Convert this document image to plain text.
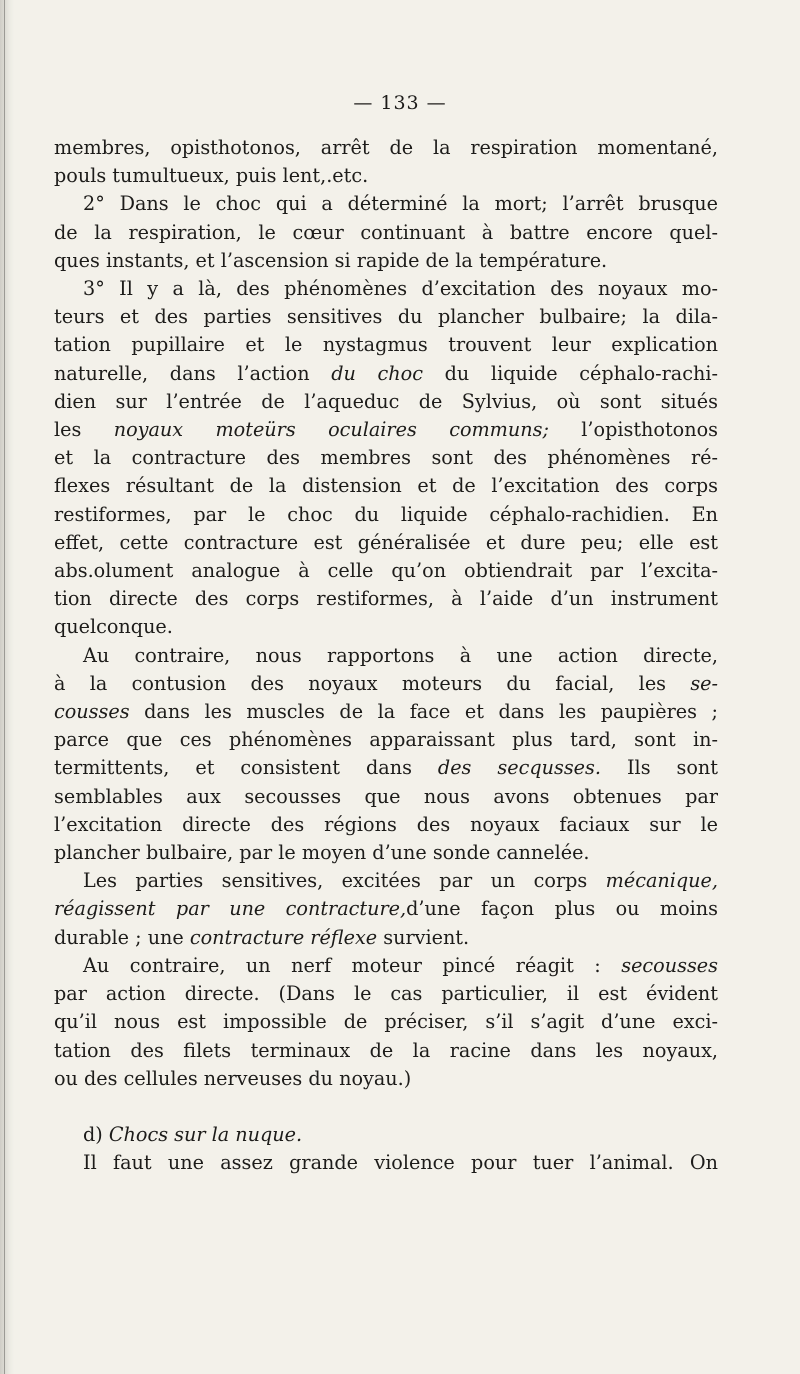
— 133 —
membres, opisthotonos, arrêt de la respiration momentané,
pouls tumultueux, puis lent,.etc.
2° Dans le choc qui a déterminé la mort; l’arrêt brusque
de la respiration, le cœur continuant à battre encore quel-
ques instants, et l’ascension si rapide de la température.
3° Il y a là, des phénomènes d’excitation des noyaux mo-
teurs et des parties sensitives du plancher bulbaire; la dila-
tation pupillaire et le nystagmus trouvent leur explication
naturelle, dans l’action du choc du liquide céphalo-rachi-
dien sur l’entrée de l’aqueduc de Sylvius, où sont situés
les noyaux moteürs oculaires communs; l’opisthotonos
et la contracture des membres sont des phénomènes ré-
flexes résultant de la distension et de l’excitation des corps
restiformes, par le choc du liquide céphalo-rachidien. En
effet, cette contracture est généralisée et dure peu; elle est
abs.olument analogue à celle qu’on obtiendrait par l’excita-
tion directe des corps restiformes, à l’aide d’un instrument
quelconque.
Au contraire, nous rapportons à une action directe,
à la contusion des noyaux moteurs du facial, les se-
cousses dans les muscles de la face et dans les paupières ;
parce que ces phénomènes apparaissant plus tard, sont in-
termittents, et consistent dans des secqusses. Ils sont
semblables aux secousses que nous avons obtenues par
l’excitation directe des régions des noyaux faciaux sur le
plancher bulbaire, par le moyen d’une sonde cannelée.
Les parties sensitives, excitées par un corps mécanique,
réagissent par une contracture,d’une façon plus ou moins
durable ; une contracture réflexe survient.
Au contraire, un nerf moteur pincé réagit : secousses
par action directe. (Dans le cas particulier, il est évident
qu’il nous est impossible de préciser, s’il s’agit d’une exci-
tation des filets terminaux de la racine dans les noyaux,
ou des cellules nerveuses du noyau.)
d) Chocs sur la nuque.
Il faut une assez grande violence pour tuer l’animal. On
